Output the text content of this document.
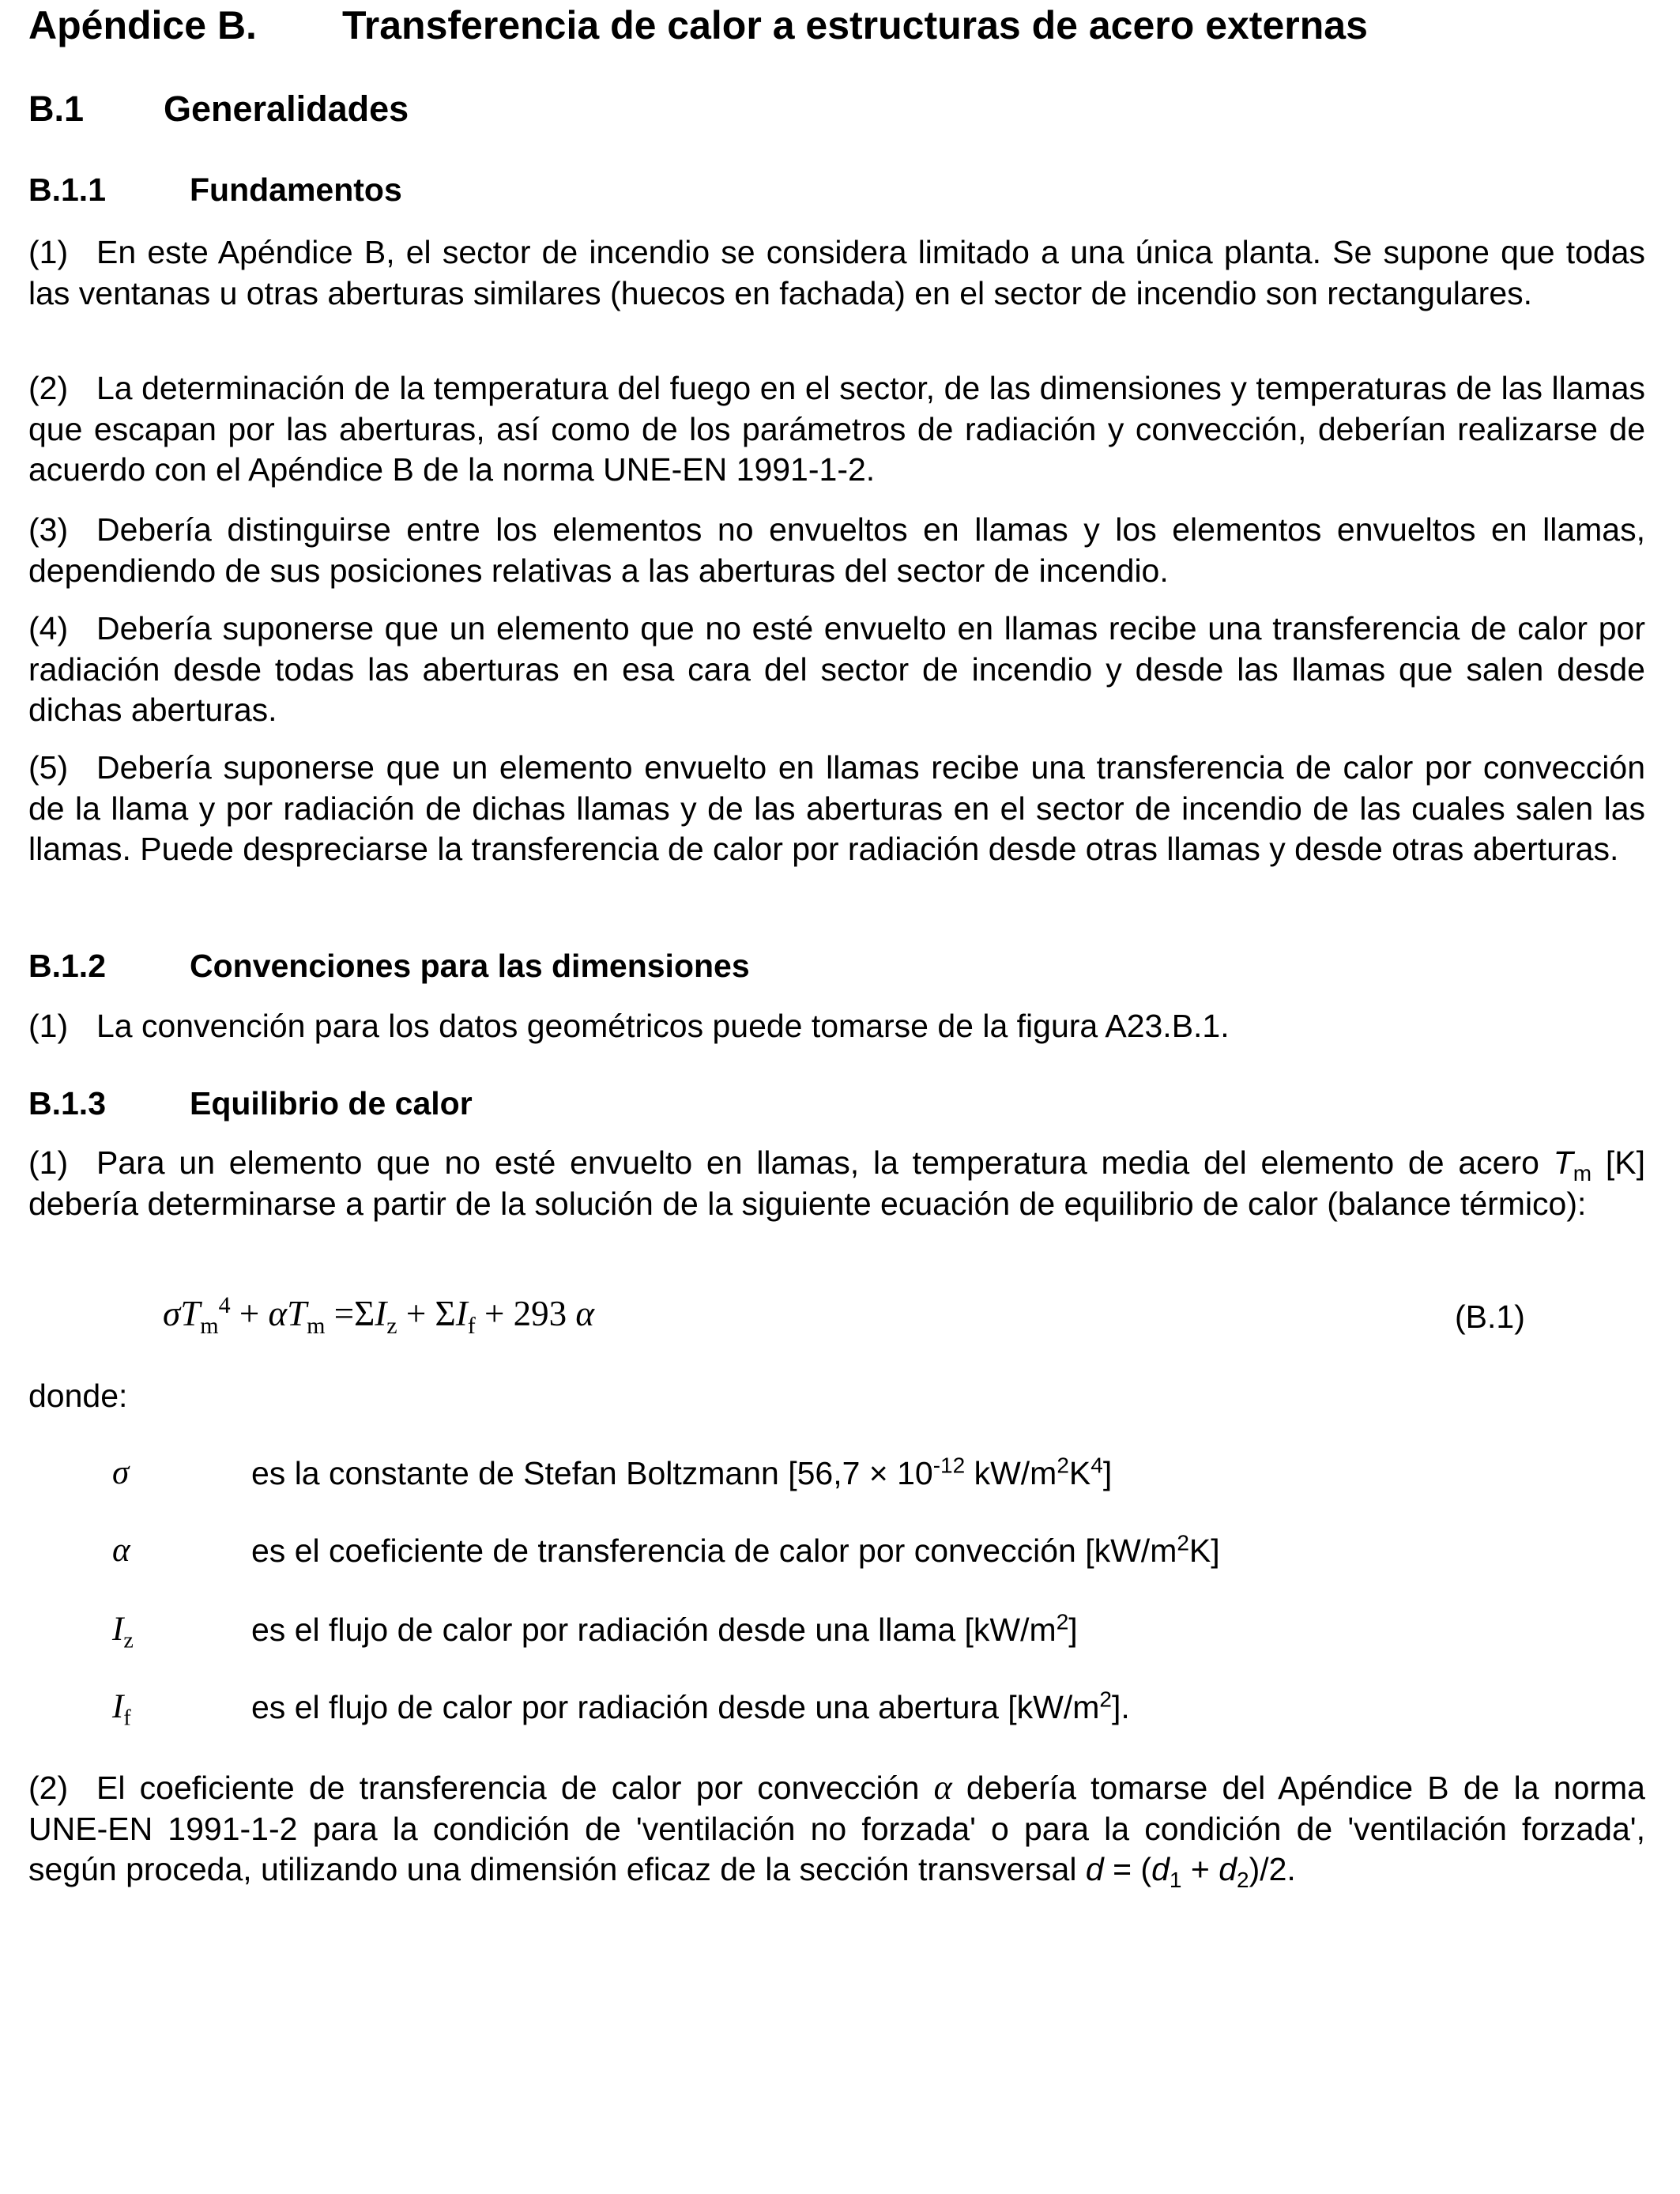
Apéndice B. Transferencia de calor a estructuras de acero externas
B.1 Generalidades
B.1.1	Fundamentos
(1) En este Apéndice B, el sector de incendio se considera limitado a una única planta. Se supone que todas las ventanas u otras aberturas similares (huecos en fachada) en el sector de incendio son rectangulares.
(2) La determinación de la temperatura del fuego en el sector, de las dimensiones y temperaturas de las llamas que escapan por las aberturas, así como de los parámetros de radiación y convección, deberían realizarse de acuerdo con el Apéndice B de la norma UNE-EN 1991-1-2.
(3) Debería distinguirse entre los elementos no envueltos en llamas y los elementos envueltos en llamas, dependiendo de sus posiciones relativas a las aberturas del sector de incendio.
(4) Debería suponerse que un elemento que no esté envuelto en llamas recibe una transferencia de calor por radiación desde todas las aberturas en esa cara del sector de incendio y desde las llamas que salen desde dichas aberturas.
(5) Debería suponerse que un elemento envuelto en llamas recibe una transferencia de calor por convección de la llama y por radiación de dichas llamas y de las aberturas en el sector de incendio de las cuales salen las llamas. Puede despreciarse la transferencia de calor por radiación desde otras llamas y desde otras aberturas.
B.1.2	Convenciones para las dimensiones
(1) La convención para los datos geométricos puede tomarse de la figura A23.B.1.
B.1.3	Equilibrio de calor
(1) Para un elemento que no esté envuelto en llamas, la temperatura media del elemento de acero $T_m$ [K] debería determinarse a partir de la solución de la siguiente ecuación de equilibrio de calor (balance térmico):
$\sigma T_m^4 + \alpha T_m =\Sigma I_z + \Sigma I_f + 293$ α	(B.1)
donde:
σ	es la constante de Stefan Boltzmann [$56,7 \times 10^{-12}$ $kW/m^2K^4$]
α	es el coeficiente de transferencia de calor por convección $[kW/m^2K]$
$I_z$	es el flujo de calor por radiación desde una llama $[kW/m^2]$
$I_f$	es el flujo de calor por radiación desde una abertura $[kW/m^2]$.
(2) El coeficiente de transferencia de calor por convección α debería tomarse del Apéndice B de la norma UNE-EN 1991-1-2 para la condición de 'ventilación no forzada' o para la condición de 'ventilación forzada', según proceda, utilizando una dimensión eficaz de la sección transversal $d = (d_1 + d_2)/2$.
